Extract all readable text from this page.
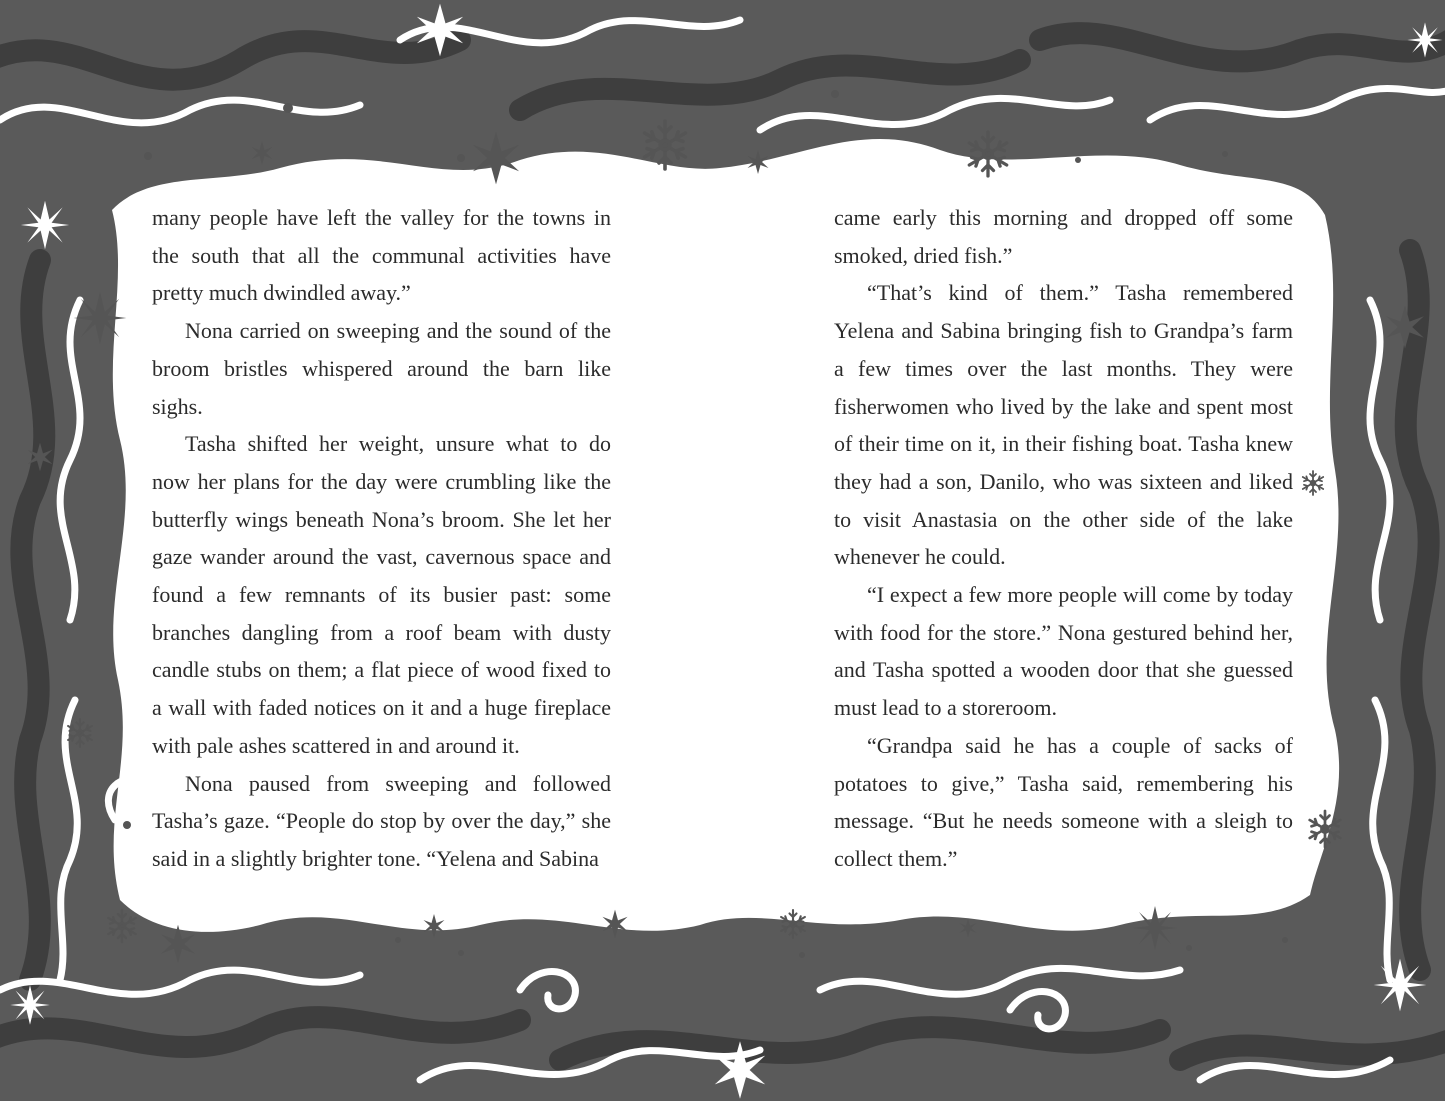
many people have left the valley for the towns in the south that all the communal activities have pretty much dwindled away.”

Nona carried on sweeping and the sound of the broom bristles whispered around the barn like sighs.

Tasha shifted her weight, unsure what to do now her plans for the day were crumbling like the butterfly wings beneath Nona’s broom. She let her gaze wander around the vast, cavernous space and found a few remnants of its busier past: some branches dangling from a roof beam with dusty candle stubs on them; a flat piece of wood fixed to a wall with faded notices on it and a huge fireplace with pale ashes scattered in and around it.

Nona paused from sweeping and followed Tasha’s gaze. “People do stop by over the day,” she said in a slightly brighter tone. “Yelena and Sabina

came early this morning and dropped off some smoked, dried fish.”

“That’s kind of them.” Tasha remembered Yelena and Sabina bringing fish to Grandpa’s farm a few times over the last months. They were fisherwomen who lived by the lake and spent most of their time on it, in their fishing boat. Tasha knew they had a son, Danilo, who was sixteen and liked to visit Anastasia on the other side of the lake whenever he could.

“I expect a few more people will come by today with food for the store.” Nona gestured behind her, and Tasha spotted a wooden door that she guessed must lead to a storeroom.

“Grandpa said he has a couple of sacks of potatoes to give,” Tasha said, remembering his message. “But he needs someone with a sleigh to collect them.”
